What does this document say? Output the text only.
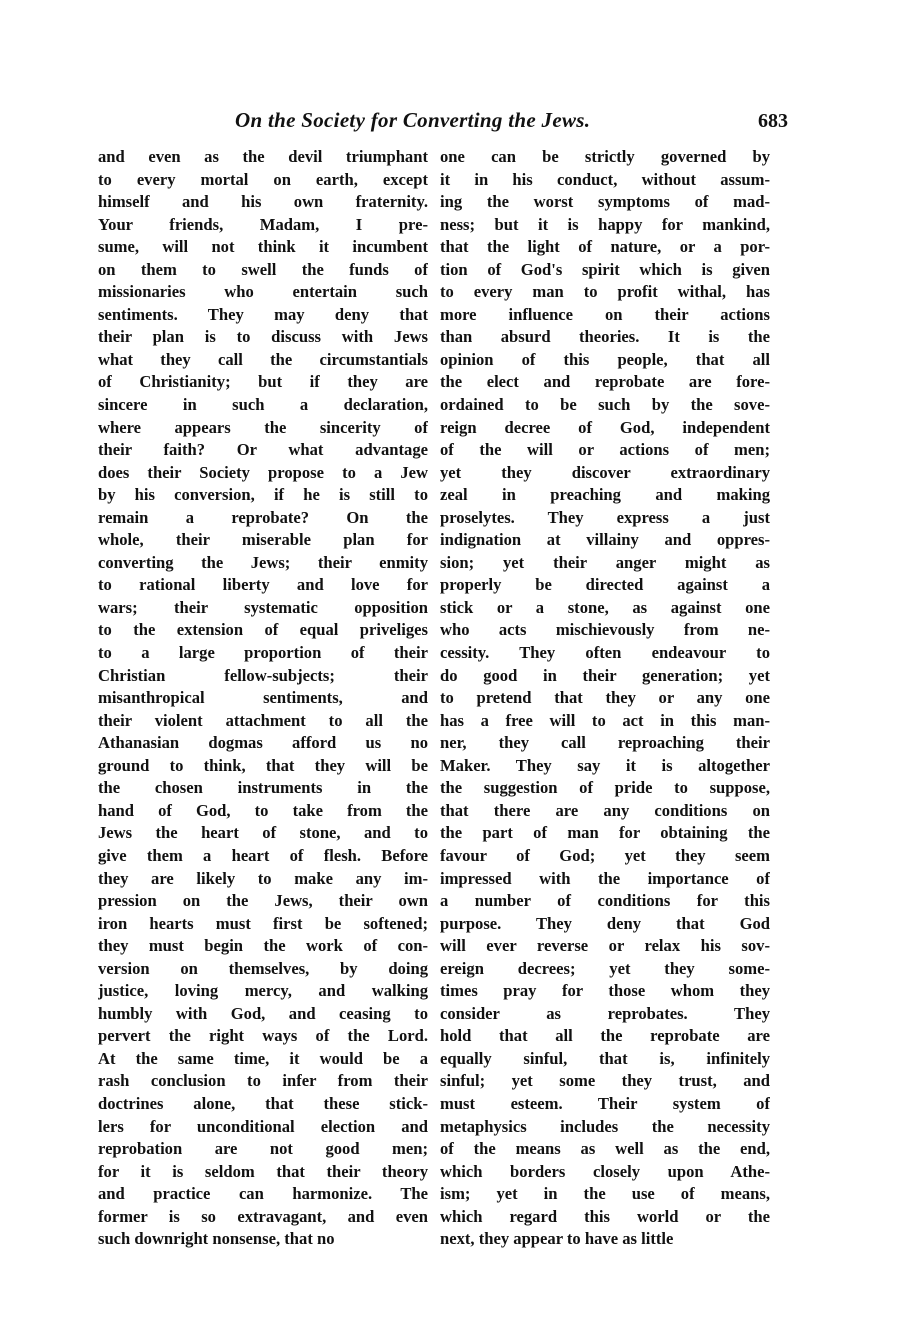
On the Society for Converting the Jews.	683
and even as the devil triumphant
to every mortal on earth, except
himself and his own fraternity.
Your friends, Madam, I pre-
sume, will not think it incumbent
on them to swell the funds of
missionaries who entertain such
sentiments. They may deny that
their plan is to discuss with Jews
what they call the circumstantials
of Christianity; but if they are
sincere in such a declaration,
where appears the sincerity of
their faith? Or what advantage
does their Society propose to a Jew
by his conversion, if he is still to
remain a reprobate? On the
whole, their miserable plan for
converting the Jews; their enmity
to rational liberty and love for
wars; their systematic opposition
to the extension of equal priveliges
to a large proportion of their
Christian fellow-subjects; their
misanthropical sentiments, and
their violent attachment to all the
Athanasian dogmas afford us no
ground to think, that they will be
the chosen instruments in the
hand of God, to take from the
Jews the heart of stone, and to
give them a heart of flesh. Before
they are likely to make any im-
pression on the Jews, their own
iron hearts must first be softened;
they must begin the work of con-
version on themselves, by doing
justice, loving mercy, and walking
humbly with God, and ceasing to
pervert the right ways of the Lord.
At the same time, it would be a
rash conclusion to infer from their
doctrines alone, that these stick-
lers for unconditional election and
reprobation are not good men;
for it is seldom that their theory
and practice can harmonize. The
former is so extravagant, and even
such downright nonsense, that no
one can be strictly governed by
it in his conduct, without assum-
ing the worst symptoms of mad-
ness; but it is happy for mankind,
that the light of nature, or a por-
tion of God's spirit which is given
to every man to profit withal, has
more influence on their actions
than absurd theories. It is the
opinion of this people, that all
the elect and reprobate are fore-
ordained to be such by the sove-
reign decree of God, independent
of the will or actions of men;
yet they discover extraordinary
zeal in preaching and making
proselytes. They express a just
indignation at villainy and oppres-
sion; yet their anger might as
properly be directed against a
stick or a stone, as against one
who acts mischievously from ne-
cessity. They often endeavour to
do good in their generation; yet
to pretend that they or any one
has a free will to act in this man-
ner, they call reproaching their
Maker. They say it is altogether
the suggestion of pride to suppose,
that there are any conditions on
the part of man for obtaining the
favour of God; yet they seem
impressed with the importance of
a number of conditions for this
purpose. They deny that God
will ever reverse or relax his sov-
ereign decrees; yet they some-
times pray for those whom they
consider as reprobates. They
hold that all the reprobate are
equally sinful, that is, infinitely
sinful; yet some they trust, and
must esteem. Their system of
metaphysics includes the necessity
of the means as well as the end,
which borders closely upon Athe-
ism; yet in the use of means,
which regard this world or the
next, they appear to have as little
